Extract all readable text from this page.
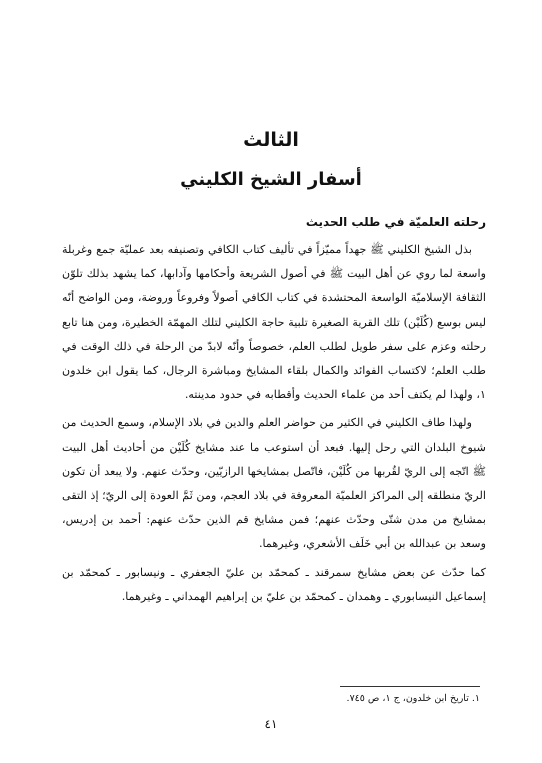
الثالث
أسفار الشيخ الكليني
رحلته العلميّة في طلب الحديث

بذل الشيخ الكليني ﷺ جهداً مميّزاً في تأليف كتاب الكافي وتصنيفه بعد عمليّة جمع وغربلة واسعة لما روي عن أهل البيت ﷺ في أصول الشريعة وأحكامها وآدابها، كما يشهد بذلك تلوّن الثقافة الإسلاميّة الواسعة المحتشدة في كتاب الكافي أصولاً وفروعاً وروضة، ومن الواضح أنّه ليس بوسع (كُلَيْن) تلك القرية الصغيرة تلبية حاجة الكليني لتلك المهمّة الخطيرة، ومن هنا تابع رحلته وعزم على سفر طويل لطلب العلم، خصوصاً وأنّه لابدّ من الرحلة في ذلك الوقت في طلب العلم؛ لاكتساب الفوائد والكمال بلقاء المشايخ ومباشرة الرجال، كما يقول ابن خلدون ١، ولهذا لم يكتف أحد من علماء الحديث وأقطابه في حدود مدينته.

ولهذا طاف الكليني في الكثير من حواضر العلم والدين في بلاد الإسلام، وسمع الحديث من شيوخ البلدان التي رحل إليها. فبعد أن استوعب ما عند مشايخ كُلَيْن من أحاديث أهل البيت ﷺ اتّجه إلى الريّ لقُربها من كُلَيْن، فاتّصل بمشايخها الرازيّين، وحدّث عنهم. ولا يبعد أن تكون الريّ منطلقه إلى المراكز العلميّة المعروفة في بلاد العجم، ومن ثَمَّ العودة إلى الريّ؛ إذ التقى بمشايخ من مدن شتّى وحدّث عنهم؛ فمن مشايخ قم الذين حدّث عنهم: أحمد بن إدريس، وسعد بن عبدالله بن أبي خَلَف الأشعري، وغيرهما.

كما حدّث عن بعض مشايخ سمرقند ـ كمحمّد بن عليّ الجعفري ـ ونيسابور ـ كمحمّد بن إسماعيل النيسابوري ـ وهمدان ـ كمحمّد بن عليّ بن إبراهيم الهمداني ـ وغيرهما.

١. تاريخ ابن خلدون، ج ١، ص ٧٤٥.
٤١
